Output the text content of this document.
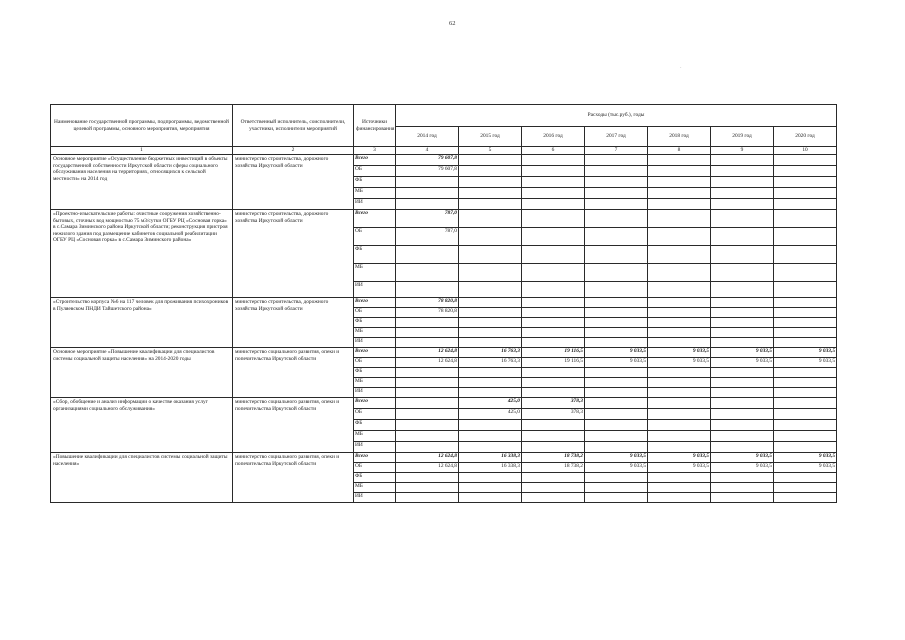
62
·
Наименование государственной программы, подпрограммы, ведомственной целевой программы, основного мероприятия, мероприятия	Ответственный исполнитель, соисполнители, участники, исполнители мероприятий	Источники финансирования	Расходы (тыс.руб.), годы						
			2014 год	2015 год	2016 год	2017 год	2018 год	2019 год	2020 год
1	2	3	4	5	6	7	8	9	10
Основное мероприятие «Осуществление бюджетных инвестиций в объекты государственной собственности Иркутской области сферы социального обслуживания населения на территориях, относящихся к сельской местности» на 2014 год	министерство строительства, дорожного хозяйства Иркутской области	Всего	79 607,8						
		ОБ	79 607,8						
		ФБ							
		МБ							
		ИИ							
«Проектно-изыскательские работы: очистные сооружения хозяйственно-бытовых, сточных вод мощностью 75 м3/сутки ОГБУ РЦ «Сосновая горка» в с.Самара Зиминского района Иркутской области; реконструкция пристроя нежилого здания под размещение кабинетов социальной реабилитации ОГБУ РЦ «Сосновая горка» в с.Самара Зиминского района»	министерство строительства, дорожного хозяйства Иркутской области	Всего	787,0						
		ОБ	787,0						
		ФБ							
		МБ							
		ИИ							
«Строительство корпуса №6 на 117 человек для проживания психохроников в Пуляевском ПНДИ Тайшетского района»	министерство строительства, дорожного хозяйства Иркутской области	Всего	78 820,8						
		ОБ	78 820,8						
		ФБ							
		МБ							
		ИИ							
Основное мероприятие «Повышение квалификации для специалистов системы социальной защиты населения» на 2014-2020 годы	министерство социального развития, опеки и попечительства Иркутской области	Всего	12 624,8	16 763,3	19 116,5	9 033,5	9 033,5	9 033,5	9 033,5
		ОБ	12 624,8	16 763,3	19 116,5	9 033,5	9 033,5	9 033,5	9 033,5
		ФБ							
		МБ							
		ИИ							
«Сбор, обобщение и анализ информации о качестве оказания услуг организациями социального обслуживания»	министерство социального развития, опеки и попечительства Иркутской области	Всего		425,0	378,3				
		ОБ		425,0	378,3				
		ФБ							
		МБ							
		ИИ							
«Повышение квалификации для специалистов системы социальной защиты населения»	министерство социального развития, опеки и попечительства Иркутской области	Всего	12 624,8	16 338,3	18 738,2	9 033,5	9 033,5	9 033,5	9 033,5
		ОБ	12 624,8	16 338,3	18 738,2	9 033,5	9 033,5	9 033,5	9 033,5
		ФБ							
		МБ							
		ИИ							
